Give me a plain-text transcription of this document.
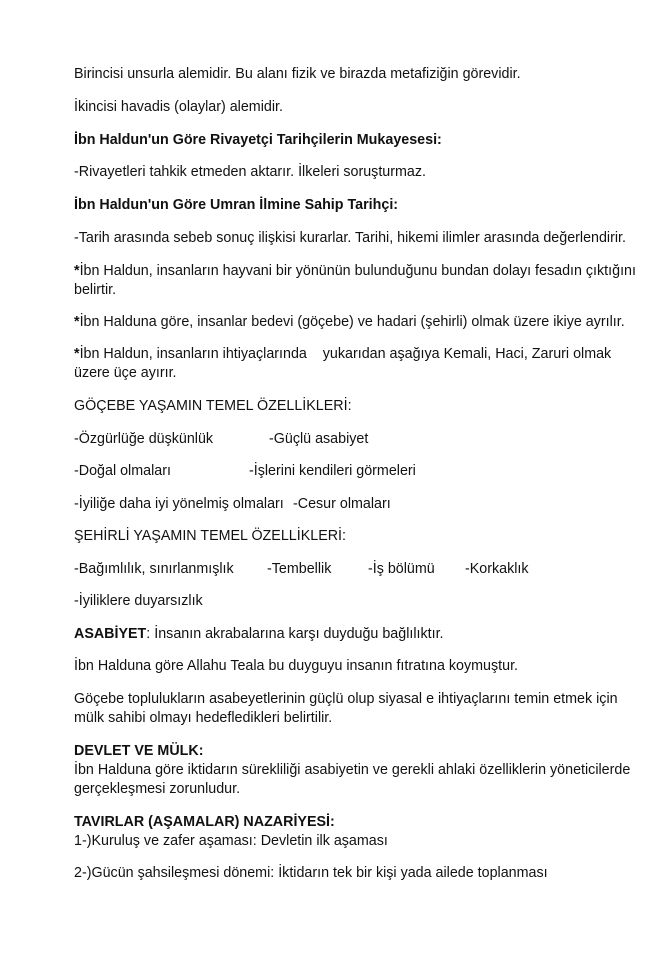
Birincisi unsurla alemidir. Bu alanı fizik ve birazda metafiziğin görevidir.

İkincisi havadis (olaylar) alemidir.

İbn Haldun'un Göre Rivayetçi Tarihçilerin Mukayesesi:

-Rivayetleri tahkik etmeden aktarır. İlkeleri soruşturmaz.

İbn Haldun'un Göre Umran İlmine Sahip Tarihçi:

-Tarih arasında sebeb sonuç ilişkisi kurarlar. Tarihi, hikemi ilimler arasında değerlendirir.

*İbn Haldun, insanların hayvani bir yönünün bulunduğunu bundan dolayı fesadın çıktığını

belirtir.

*İbn Halduna göre, insanlar bedevi (göçebe) ve hadari (şehirli) olmak üzere ikiye ayrılır.

*İbn Haldun, insanların ihtiyaçlarında    yukarıdan aşağıya Kemali, Haci, Zaruri olmak

üzere üçe ayırır.

GÖÇEBE YAŞAMIN TEMEL ÖZELLİKLERİ:

-Özgürlüğe düşkünlük	-Güçlü asabiyet
-Doğal olmaları	-İşlerini kendileri görmeleri
-İyiliğe daha iyi yönelmiş olmaları -Cesur olmaları

ŞEHİRLİ YAŞAMIN TEMEL ÖZELLİKLERİ:

-Bağımlılık, sınırlanmışlık -Tembellik	-İş bölümü -Korkaklık

-İyiliklere duyarsızlık

ASABİYET: İnsanın akrabalarına karşı duyduğu bağlılıktır.

İbn Halduna göre Allahu Teala bu duyguyu insanın fıtratına koymuştur.

Göçebe toplulukların asabeyetlerinin güçlü olup siyasal e ihtiyaçlarını temin etmek için

mülk sahibi olmayı hedefledikleri belirtilir.

DEVLET VE MÜLK:

İbn Halduna göre iktidarın sürekliliği asabiyetin ve gerekli ahlaki özelliklerin yöneticilerde

gerçekleşmesi zorunludur.

TAVIRLAR (AŞAMALAR) NAZARİYESİ:

1-)Kuruluş ve zafer aşaması: Devletin ilk aşaması

2-)Gücün şahsileşmesi dönemi: İktidarın tek bir kişi yada ailede toplanması
